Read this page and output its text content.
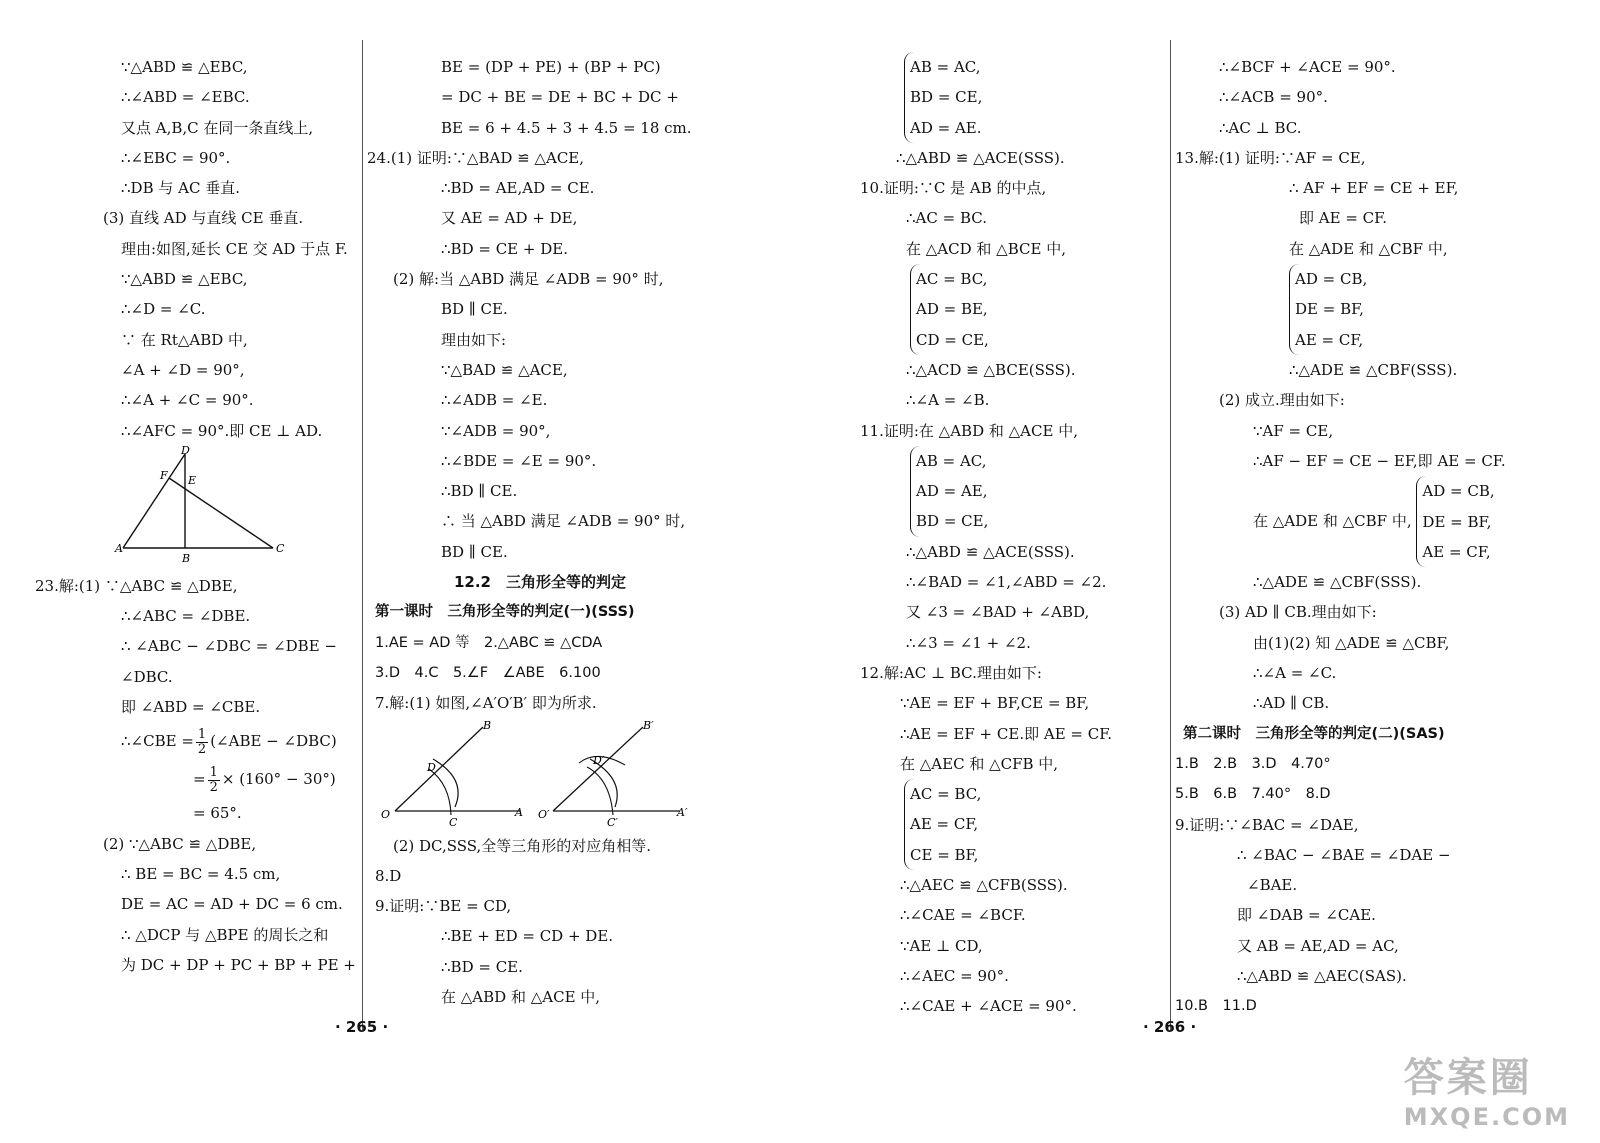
∵△ABD ≌ △EBC,
∴∠ABD = ∠EBC.
又点 A,B,C 在同一条直线上,
∴∠EBC = 90°.
∴DB 与 AC 垂直.
(3) 直线 AD 与直线 CE 垂直.
理由:如图,延长 CE 交 AD 于点 F.
∵△ABD ≌ △EBC,
∴∠D = ∠C.
∵ 在 Rt△ABD 中,
∠A + ∠D = 90°,
∴∠A + ∠C = 90°.
∴∠AFC = 90°.即 CE ⊥ AD.
D
F E
A
B
C
23.解:(1) ∵△ABC ≌ △DBE,
∴∠ABC = ∠DBE.
∴ ∠ABC − ∠DBC = ∠DBE −
∠DBC.
即 ∠ABD = ∠CBE.
∴∠CBE = $\frac{1}{2}$ (∠ABE − ∠DBC)
= $\frac{1}{2} \times (160^\circ - 30^\circ)$
= 65°.
(2) ∵△ABC ≌ △DBE,
∴ BE = BC = 4.5 cm,
DE = AC = AD + DC = 6 cm.
∴ △DCP 与 △BPE 的周长之和
为 DC + DP + PC + BP + PE +
BE = (DP + PE) + (BP + PC)
= DC + BE = DE + BC + DC +
BE = 6 + 4.5 + 3 + 4.5 = 18 cm.
24.(1) 证明:∵△BAD ≌ △ACE,
∴BD = AE,AD = CE.
又 AE = AD + DE,
∴BD = CE + DE.
(2) 解:当 △ABD 满足 ∠ADB = 90° 时,
BD ∥ CE.
理由如下:
∵△BAD ≌ △ACE,
∴∠ADB = ∠E.
∵∠ADB = 90°,
∴∠BDE = ∠E = 90°.
∴BD ∥ CE.
∴ 当 △ABD 满足 ∠ADB = 90° 时,
BD ∥ CE.
12.2　三角形全等的判定
第一课时　三角形全等的判定(一)(SSS)
1.AE = AD 等　2.△ABC ≌ △CDA
3.D　4.C　5.∠F　∠ABE　6.100
7.解:(1) 如图,∠A′O′B′ 即为所求.
B
D
O
C
A
B′
D′
O′
C′
A′
(2) DC,SSS,全等三角形的对应角相等.
8.D
9.证明:∵BE = CD,
∴BE + ED = CD + DE.
∴BD = CE.
在 △ABD 和 △ACE 中,
· 265 ·
AB = AC,
BD = CE,
AD = AE.
∴△ABD ≌ △ACE(SSS).
10.证明:∵C 是 AB 的中点,
∴AC = BC.
在 △ACD 和 △BCE 中,
AC = BC,
AD = BE,
CD = CE,
∴△ACD ≌ △BCE(SSS).
∴∠A = ∠B.
11.证明:在 △ABD 和 △ACE 中,
AB = AC,
AD = AE,
BD = CE,
∴△ABD ≌ △ACE(SSS).
∴∠BAD = ∠1,∠ABD = ∠2.
又 ∠3 = ∠BAD + ∠ABD,
∴∠3 = ∠1 + ∠2.
12.解:AC ⊥ BC.理由如下:
∵AE = EF + BF,CE = BF,
∴AE = EF + CE.即 AE = CF.
在 △AEC 和 △CFB 中,
AC = BC,
AE = CF,
CE = BF,
∴△AEC ≌ △CFB(SSS).
∴∠CAE = ∠BCF.
∵AE ⊥ CD,
∴∠AEC = 90°.
∴∠CAE + ∠ACE = 90°.
∴∠BCF + ∠ACE = 90°.
∴∠ACB = 90°.
∴AC ⊥ BC.
13.解:(1) 证明:∵AF = CE,
∴ AF + EF = CE + EF,
即 AE = CF.
在 △ADE 和 △CBF 中,
AD = CB,
DE = BF,
AE = CF,
∴△ADE ≌ △CBF(SSS).
(2) 成立.理由如下:
∵AF = CE,
∴AF − EF = CE − EF,即 AE = CF.
在 △ADE 和 △CBF 中,
AD = CB,
DE = BF,
AE = CF,
∴△ADE ≌ △CBF(SSS).
(3) AD ∥ CB.理由如下:
由(1)(2) 知 △ADE ≌ △CBF,
∴∠A = ∠C.
∴AD ∥ CB.
第二课时　三角形全等的判定(二)(SAS)
1.B　2.B　3.D　4.70°
5.B　6.B　7.40°　8.D
9.证明:∵∠BAC = ∠DAE,
∴ ∠BAC − ∠BAE = ∠DAE −
∠BAE.
即 ∠DAB = ∠CAE.
又 AB = AE,AD = AC,
∴△ABD ≌ △AEC(SAS).
10.B　11.D
· 266 ·
答案圈
MXQE.COM
